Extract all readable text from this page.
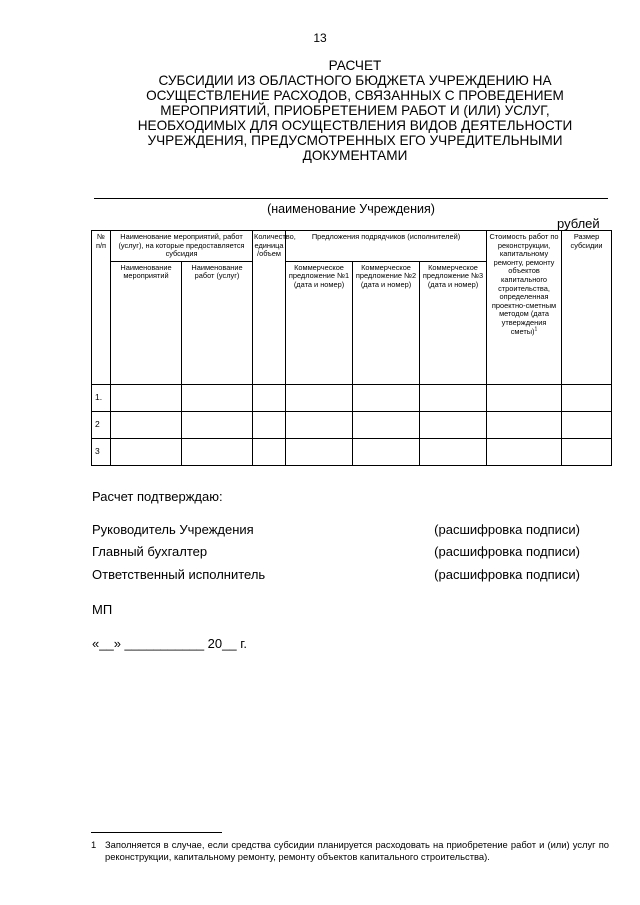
13
РАСЧЕТ
СУБСИДИИ ИЗ ОБЛАСТНОГО БЮДЖЕТА УЧРЕЖДЕНИЮ НА
ОСУЩЕСТВЛЕНИЕ РАСХОДОВ, СВЯЗАННЫХ С ПРОВЕДЕНИЕМ
МЕРОПРИЯТИЙ, ПРИОБРЕТЕНИЕМ РАБОТ И (ИЛИ) УСЛУГ,
НЕОБХОДИМЫХ ДЛЯ ОСУЩЕСТВЛЕНИЯ ВИДОВ ДЕЯТЕЛЬНОСТИ
УЧРЕЖДЕНИЯ, ПРЕДУСМОТРЕННЫХ ЕГО УЧРЕДИТЕЛЬНЫМИ
ДОКУМЕНТАМИ
(наименование Учреждения)
рублей
№ п/п	Наименование мероприятий, работ (услуг), на которые предоставляется субсидия		Количество, единица /объем	Предложения подрядчиков (исполнителей)			Стоимость работ по реконструкции, капитальному ремонту, ремонту объектов капитального строительства, определенная проектно-сметным методом (дата утверждения сметы)$^1$	Размер субсидии
	Наименование мероприятий	Наименование работ (услуг)		Коммерческое предложение №1 (дата и номер)	Коммерческое предложение №2 (дата и номер)	Коммерческое предложение №3 (дата и номер)		
1.								
2								
3								
Расчет подтверждаю:
Руководитель Учреждения	(расшифровка подписи)
Главный бухгалтер	(расшифровка подписи)
Ответственный исполнитель	(расшифровка подписи)
МП
«__» ___________ 20__ г.
1 Заполняется в случае, если средства субсидии планируется расходовать на приобретение работ и (или) услуг по реконструкции, капитальному ремонту, ремонту объектов капитального строительства).
